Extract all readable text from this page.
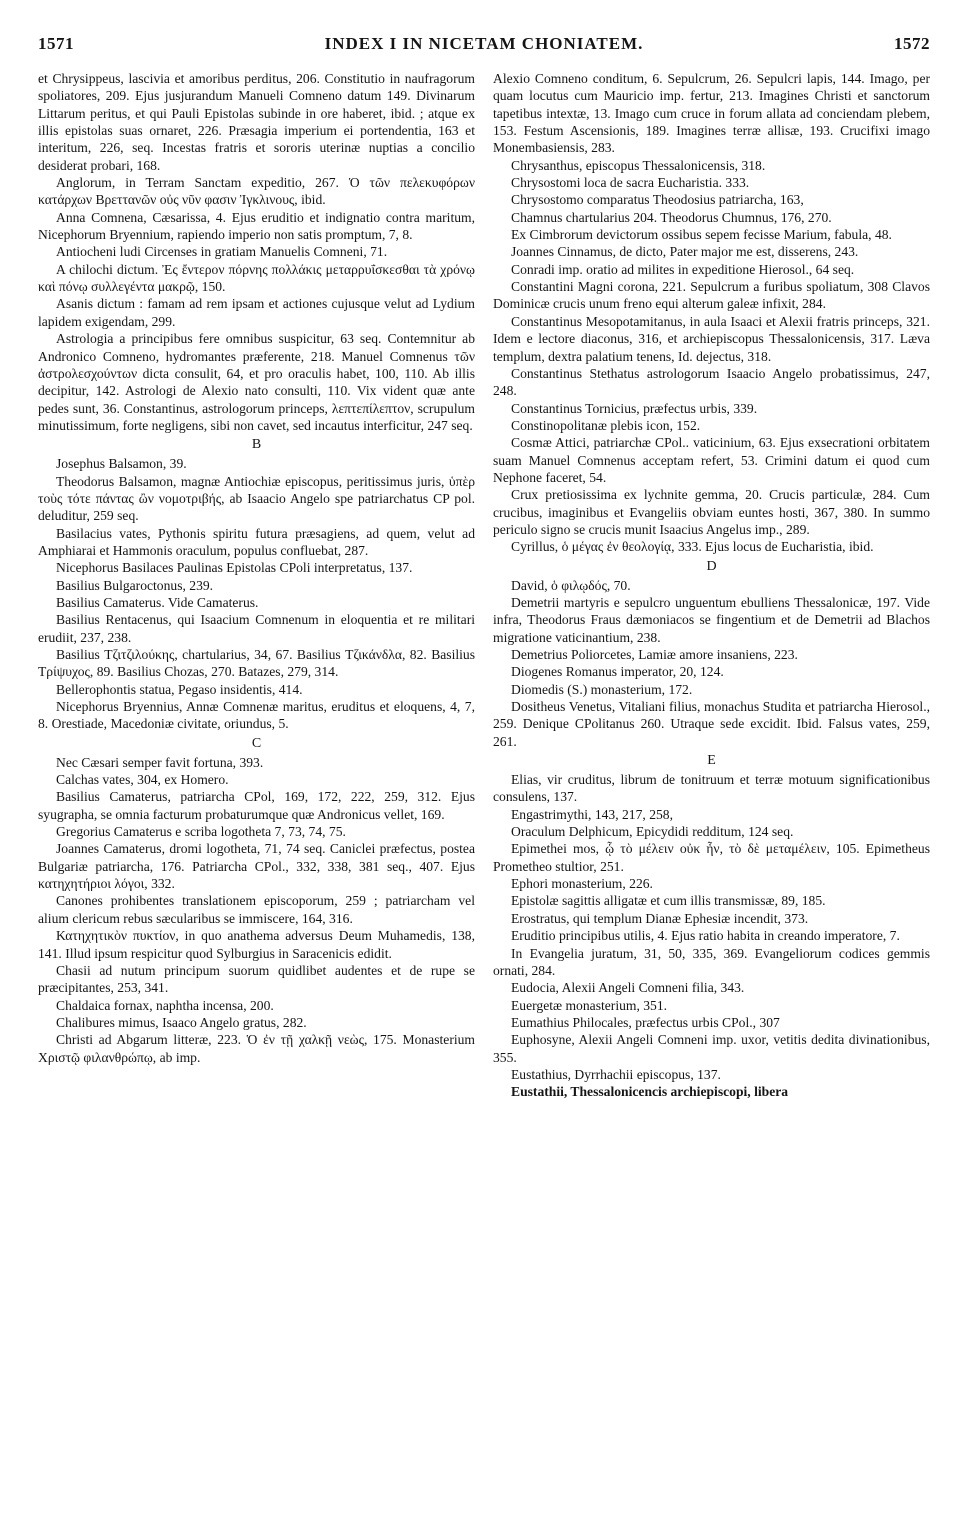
1571	INDEX I IN NICETAM CHONIATEM.	1572

et Chrysippeus, lascivia et amoribus perditus, 206. Constitutio in naufragorum spoliatores, 209. Ejus jusjurandum Manueli Comneno datum 149. Divinarum Littarum peritus, et qui Pauli Epistolas subinde in ore haberet, ibid. ; atque ex illis epistolas suas ornaret, 226. Præsagia imperium ei portendentia, 163 et interitum, 226, seq. Incestas fratris et sororis uterinæ nuptias a concilio desiderat probari, 168.

Anglorum, in Terram Sanctam expeditio, 267. Ὁ τῶν πελεκυφόρων κατάρχων Βρεττανῶν οὐς νῦν φασιν Ἰγκλινους, ibid.

Anna Comnena, Cæsarissa, 4. Ejus eruditio et indignatio contra maritum, Nicephorum Bryennium, rapiendo imperio non satis promptum, 7, 8.

Antiocheni ludi Circenses in gratiam Manuelis Comneni, 71.

A chilochi dictum. Ἐς ἔντερον πόρνης πολλάκις μεταρρυΐσκεσθαι τὰ χρόνῳ καὶ πόνῳ συλλεγέντα μακρῷ, 150.

Asanis dictum : famam ad rem ipsam et actiones cujusque velut ad Lydium lapidem exigendam, 299.

Astrologia a principibus fere omnibus suspicitur, 63 seq. Contemnitur ab Andronico Comneno, hydromantes præferente, 218. Manuel Comnenus τῶν ἀστρολεσχούντων dicta consulit, 64, et pro oraculis habet, 100, 110. Ab illis decipitur, 142. Astrologi de Alexio nato consulti, 110. Vix vident quæ ante pedes sunt, 36. Constantinus, astrologorum princeps, λεπτεπίλεπτον, scrupulum minutissimum, forte negligens, sibi non cavet, sed incautus interficitur, 247 seq.

B

Josephus Balsamon, 39.

Theodorus Balsamon, magnæ Antiochiæ episcopus, peritissimus juris, ὑπὲρ τοὺς τότε πάντας ὢν νομοτριβής, ab Isaacio Angelo spe patriarchatus CP pol. deluditur, 259 seq.

Basilacius vates, Pythonis spiritu futura præsagiens, ad quem, velut ad Amphiarai et Hammonis oraculum, populus confluebat, 287.

Nicephorus Basilaces Paulinas Epistolas CPoli interpretatus, 137.

Basilius Bulgaroctonus, 239.

Basilius Camaterus. Vide Camaterus.

Basilius Rentacenus, qui Isaacium Comnenum in eloquentia et re militari erudiit, 237, 238.

Basilius Τζιτζιλούκης, chartularius, 34, 67. Basilius Τζικάνδλα, 82. Basilius Τρίψυχος, 89. Basilius Chozas, 270. Batazes, 279, 314.

Bellerophontis statua, Pegaso insidentis, 414.

Nicephorus Bryennius, Annæ Comnenæ maritus, eruditus et eloquens, 4, 7, 8. Orestiade, Macedoniæ civitate, oriundus, 5.

C

Nec Cæsari semper favit fortuna, 393.

Calchas vates, 304, ex Homero.

Basilius Camaterus, patriarcha CPol, 169, 172, 222, 259, 312. Ejus syugrapha, se omnia facturum probaturumque quæ Andronicus vellet, 169.

Gregorius Camaterus e scriba logotheta 7, 73, 74, 75.

Joannes Camaterus, dromi logotheta, 71, 74 seq. Caniclei præfectus, postea Bulgariæ patriarcha, 176. Patriarcha CPol., 332, 338, 381 seq., 407. Ejus κατηχητήριοι λόγοι, 332.

Canones prohibentes translationem episcoporum, 259 ; patriarcham vel alium clericum rebus sæcularibus se immiscere, 164, 316.

Κατηχητικὸν πυκτίον, in quo anathema adversus Deum Muhamedis, 138, 141. Illud ipsum respicitur quod Sylburgius in Saracenicis edidit.

Chasii ad nutum principum suorum quidlibet audentes et de rupe se præcipitantes, 253, 341.

Chaldaica fornax, naphtha incensa, 200.

Chalibures mimus, Isaaco Angelo gratus, 282.

Christi ad Abgarum litteræ, 223. Ὁ ἐν τῇ χαλκῇ νεὼς, 175. Monasterium Χριστῷ φιλανθρώπῳ, ab imp.

Alexio Comneno conditum, 6. Sepulcrum, 26. Sepulcri lapis, 144. Imago, per quam locutus cum Mauricio imp. fertur, 213. Imagines Christi et sanctorum tapetibus intextæ, 13. Imago cum cruce in forum allata ad conciendam plebem, 153. Festum Ascensionis, 189. Imagines terræ allisæ, 193. Crucifixi imago Monembasiensis, 283.

Chrysanthus, episcopus Thessalonicensis, 318.

Chrysostomi loca de sacra Eucharistia. 333.

Chrysostomo comparatus Theodosius patriarcha, 163,

Chamnus chartularius 204. Theodorus Chumnus, 176, 270.

Ex Cimbrorum devictorum ossibus sepem fecisse Marium, fabula, 48.

Joannes Cinnamus, de dicto, Pater major me est, disserens, 243.

Conradi imp. oratio ad milites in expeditione Hierosol., 64 seq.

Constantini Magni corona, 221. Sepulcrum a furibus spoliatum, 308 Clavos Dominicæ crucis unum freno equi alterum galeæ infixit, 284.

Constantinus Mesopotamitanus, in aula Isaaci et Alexii fratris princeps, 321. Idem e lectore diaconus, 316, et archiepiscopus Thessalonicensis, 317. Læva templum, dextra palatium tenens, Id. dejectus, 318.

Constantinus Stethatus astrologorum Isaacio Angelo probatissimus, 247, 248.

Constantinus Tornicius, præfectus urbis, 339.

Constinopolitanæ plebis icon, 152.

Cosmæ Attici, patriarchæ CPol.. vaticinium, 63. Ejus exsecrationi orbitatem suam Manuel Comnenus acceptam refert, 53. Crimini datum ei quod cum Nephone faceret, 54.

Crux pretiosissima ex lychnite gemma, 20. Crucis particulæ, 284. Cum crucibus, imaginibus et Evangeliis obviam euntes hosti, 367, 380. In summo periculo signo se crucis munit Isaacius Angelus imp., 289.

Cyrillus, ὁ μέγας ἐν θεολογίᾳ, 333. Ejus locus de Eucharistia, ibid.

D

David, ὁ φιλῳδός, 70.

Demetrii martyris e sepulcro unguentum ebulliens Thessalonicæ, 197. Vide infra, Theodorus Fraus dæmoniacos se fingentium et de Demetrii ad Blachos migratione vaticinantium, 238.

Demetrius Poliorcetes, Lamiæ amore insaniens, 223.

Diogenes Romanus imperator, 20, 124.

Diomedis (S.) monasterium, 172.

Dositheus Venetus, Vitaliani filius, monachus Studita et patriarcha Hierosol., 259. Denique CPolitanus 260. Utraque sede excidit. Ibid. Falsus vates, 259, 261.

E

Elias, vir cruditus, librum de tonitruum et terræ motuum significationibus consulens, 137.

Engastrimythi, 143, 217, 258,

Oraculum Delphicum, Epicydidi redditum, 124 seq.

Epimethei mos, ᾧ τὸ μέλειν οὐκ ἦν, τὸ δὲ μεταμέλειν, 105. Epimetheus Prometheo stultior, 251.

Ephori monasterium, 226.

Epistolæ sagittis alligatæ et cum illis transmissæ, 89, 185.

Erostratus, qui templum Dianæ Ephesiæ incendit, 373.

Eruditio principibus utilis, 4. Ejus ratio habita in creando imperatore, 7.

In Evangelia juratum, 31, 50, 335, 369. Evangeliorum codices gemmis ornati, 284.

Eudocia, Alexii Angeli Comneni filia, 343.

Euergetæ monasterium, 351.

Eumathius Philocales, præfectus urbis CPol., 307

Euphosyne, Alexii Angeli Comneni imp. uxor, vetitis dedita divinationibus, 355.

Eustathius, Dyrrhachii episcopus, 137.

Eustathii, Thessalonicencis archiepiscopi, libera
